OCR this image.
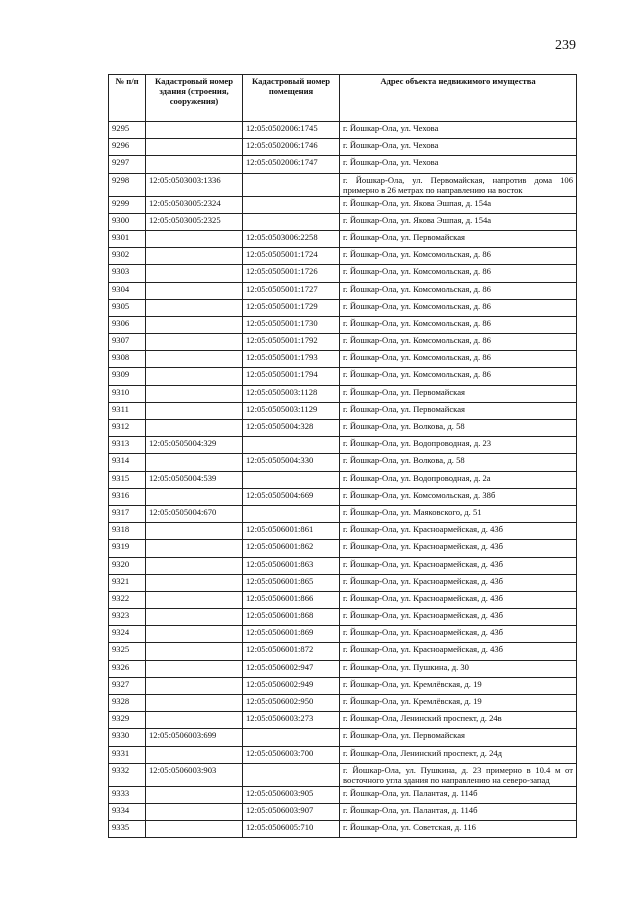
239
№ п/п	Кадастровый номер здания (строения, сооружения)	Кадастровый номер помещения	Адрес объекта недвижимого имущества
9295		12:05:0502006:1745	г. Йошкар-Ола, ул. Чехова
9296		12:05:0502006:1746	г. Йошкар-Ола, ул. Чехова
9297		12:05:0502006:1747	г. Йошкар-Ола, ул. Чехова
9298	12:05:0503003:1336		г. Йошкар-Ола, ул. Первомайская, напротив дома 106 примерно в 26 метрах по направлению на восток
9299	12:05:0503005:2324		г. Йошкар-Ола, ул. Якова Эшпая, д. 154а
9300	12:05:0503005:2325		г. Йошкар-Ола, ул. Якова Эшпая, д. 154а
9301		12:05:0503006:2258	г. Йошкар-Ола, ул. Первомайская
9302		12:05:0505001:1724	г. Йошкар-Ола, ул. Комсомольская, д. 86
9303		12:05:0505001:1726	г. Йошкар-Ола, ул. Комсомольская, д. 86
9304		12:05:0505001:1727	г. Йошкар-Ола, ул. Комсомольская, д. 86
9305		12:05:0505001:1729	г. Йошкар-Ола, ул. Комсомольская, д. 86
9306		12:05:0505001:1730	г. Йошкар-Ола, ул. Комсомольская, д. 86
9307		12:05:0505001:1792	г. Йошкар-Ола, ул. Комсомольская, д. 86
9308		12:05:0505001:1793	г. Йошкар-Ола, ул. Комсомольская, д. 86
9309		12:05:0505001:1794	г. Йошкар-Ола, ул. Комсомольская, д. 86
9310		12:05:0505003:1128	г. Йошкар-Ола, ул. Первомайская
9311		12:05:0505003:1129	г. Йошкар-Ола, ул. Первомайская
9312		12:05:0505004:328	г. Йошкар-Ола, ул. Волкова, д. 58
9313	12:05:0505004:329		г. Йошкар-Ола, ул. Водопроводная, д. 23
9314		12:05:0505004:330	г. Йошкар-Ола, ул. Волкова, д. 58
9315	12:05:0505004:539		г. Йошкар-Ола, ул. Водопроводная, д. 2а
9316		12:05:0505004:669	г. Йошкар-Ола, ул. Комсомольская, д. 38б
9317	12:05:0505004:670		г. Йошкар-Ола, ул. Маяковского, д. 51
9318		12:05:0506001:861	г. Йошкар-Ола, ул. Красноармейская, д. 43б
9319		12:05:0506001:862	г. Йошкар-Ола, ул. Красноармейская, д. 43б
9320		12:05:0506001:863	г. Йошкар-Ола, ул. Красноармейская, д. 43б
9321		12:05:0506001:865	г. Йошкар-Ола, ул. Красноармейская, д. 43б
9322		12:05:0506001:866	г. Йошкар-Ола, ул. Красноармейская, д. 43б
9323		12:05:0506001:868	г. Йошкар-Ола, ул. Красноармейская, д. 43б
9324		12:05:0506001:869	г. Йошкар-Ола, ул. Красноармейская, д. 43б
9325		12:05:0506001:872	г. Йошкар-Ола, ул. Красноармейская, д. 43б
9326		12:05:0506002:947	г. Йошкар-Ола, ул. Пушкина, д. 30
9327		12:05:0506002:949	г. Йошкар-Ола, ул. Кремлёвская, д. 19
9328		12:05:0506002:950	г. Йошкар-Ола, ул. Кремлёвская, д. 19
9329		12:05:0506003:273	г. Йошкар-Ола, Ленинский проспект, д. 24в
9330	12:05:0506003:699		г. Йошкар-Ола, ул. Первомайская
9331		12:05:0506003:700	г. Йошкар-Ола, Ленинский проспект, д. 24д
9332	12:05:0506003:903		г. Йошкар-Ола, ул. Пушкина, д. 23 примерно в 10.4 м от восточного угла здания по направлению на северо-запад
9333		12:05:0506003:905	г. Йошкар-Ола, ул. Палантая, д. 114б
9334		12:05:0506003:907	г. Йошкар-Ола, ул. Палантая, д. 114б
9335		12:05:0506005:710	г. Йошкар-Ола, ул. Советская, д. 116
